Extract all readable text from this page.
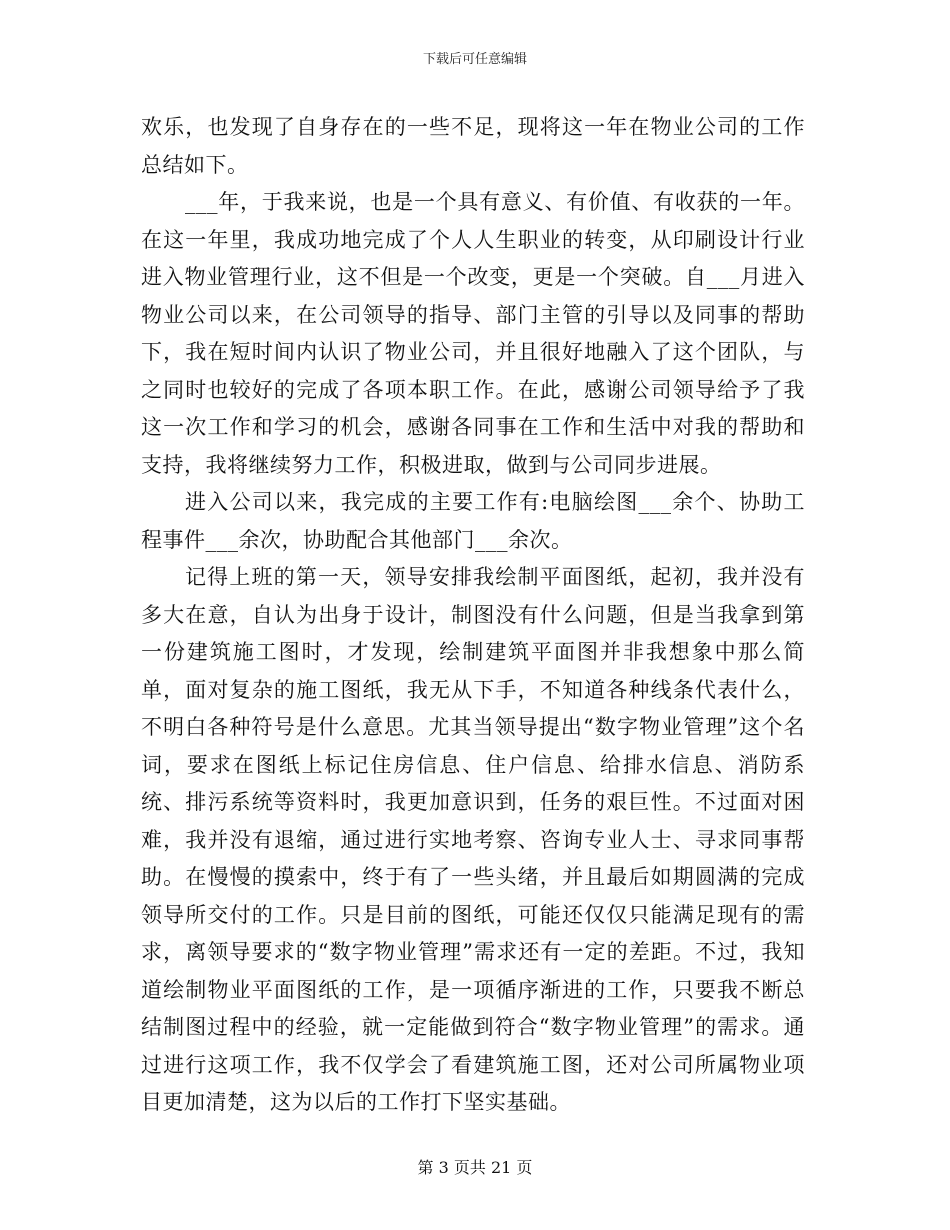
下载后可任意编辑

欢乐，也发现了自身存在的一些不足，现将这一年在物业公司的工作总结如下。

___年，于我来说，也是一个具有意义、有价值、有收获的一年。在这一年里，我成功地完成了个人人生职业的转变，从印刷设计行业进入物业管理行业，这不但是一个改变，更是一个突破。自___月进入物业公司以来，在公司领导的指导、部门主管的引导以及同事的帮助下，我在短时间内认识了物业公司，并且很好地融入了这个团队，与之同时也较好的完成了各项本职工作。在此，感谢公司领导给予了我这一次工作和学习的机会，感谢各同事在工作和生活中对我的帮助和支持，我将继续努力工作，积极进取，做到与公司同步进展。

进入公司以来，我完成的主要工作有:电脑绘图___余个、协助工程事件___余次，协助配合其他部门___余次。

记得上班的第一天，领导安排我绘制平面图纸，起初，我并没有多大在意，自认为出身于设计，制图没有什么问题，但是当我拿到第一份建筑施工图时，才发现，绘制建筑平面图并非我想象中那么简单，面对复杂的施工图纸，我无从下手，不知道各种线条代表什么，不明白各种符号是什么意思。尤其当领导提出“数字物业管理”这个名词，要求在图纸上标记住房信息、住户信息、给排水信息、消防系统、排污系统等资料时，我更加意识到，任务的艰巨性。不过面对困难，我并没有退缩，通过进行实地考察、咨询专业人士、寻求同事帮助。在慢慢的摸索中，终于有了一些头绪，并且最后如期圆满的完成领导所交付的工作。只是目前的图纸，可能还仅仅只能满足现有的需求，离领导要求的“数字物业管理”需求还有一定的差距。不过，我知道绘制物业平面图纸的工作，是一项循序渐进的工作，只要我不断总结制图过程中的经验，就一定能做到符合“数字物业管理”的需求。通过进行这项工作，我不仅学会了看建筑施工图，还对公司所属物业项目更加清楚，这为以后的工作打下坚实基础。

第 3 页共 21 页
